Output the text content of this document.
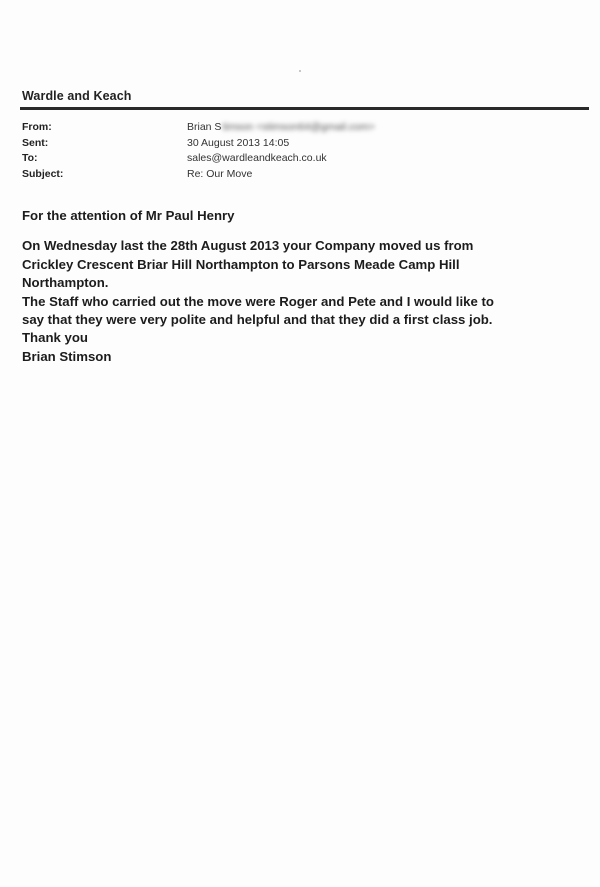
Wardle and Keach
From:	Brian Stimson <stimson64@gmail.com>
Sent:	30 August 2013 14:05
To:	sales@wardleandkeach.co.uk
Subject:	Re: Our Move
For the attention of Mr Paul Henry
On Wednesday last the 28th August 2013 your Company moved us from
Crickley Crescent Briar Hill Northampton to Parsons Meade Camp Hill
Northampton.
The Staff who carried out the move were Roger and Pete and I would like to
say that they were very polite and helpful and that they did a first class job.
Thank you
Brian Stimson
